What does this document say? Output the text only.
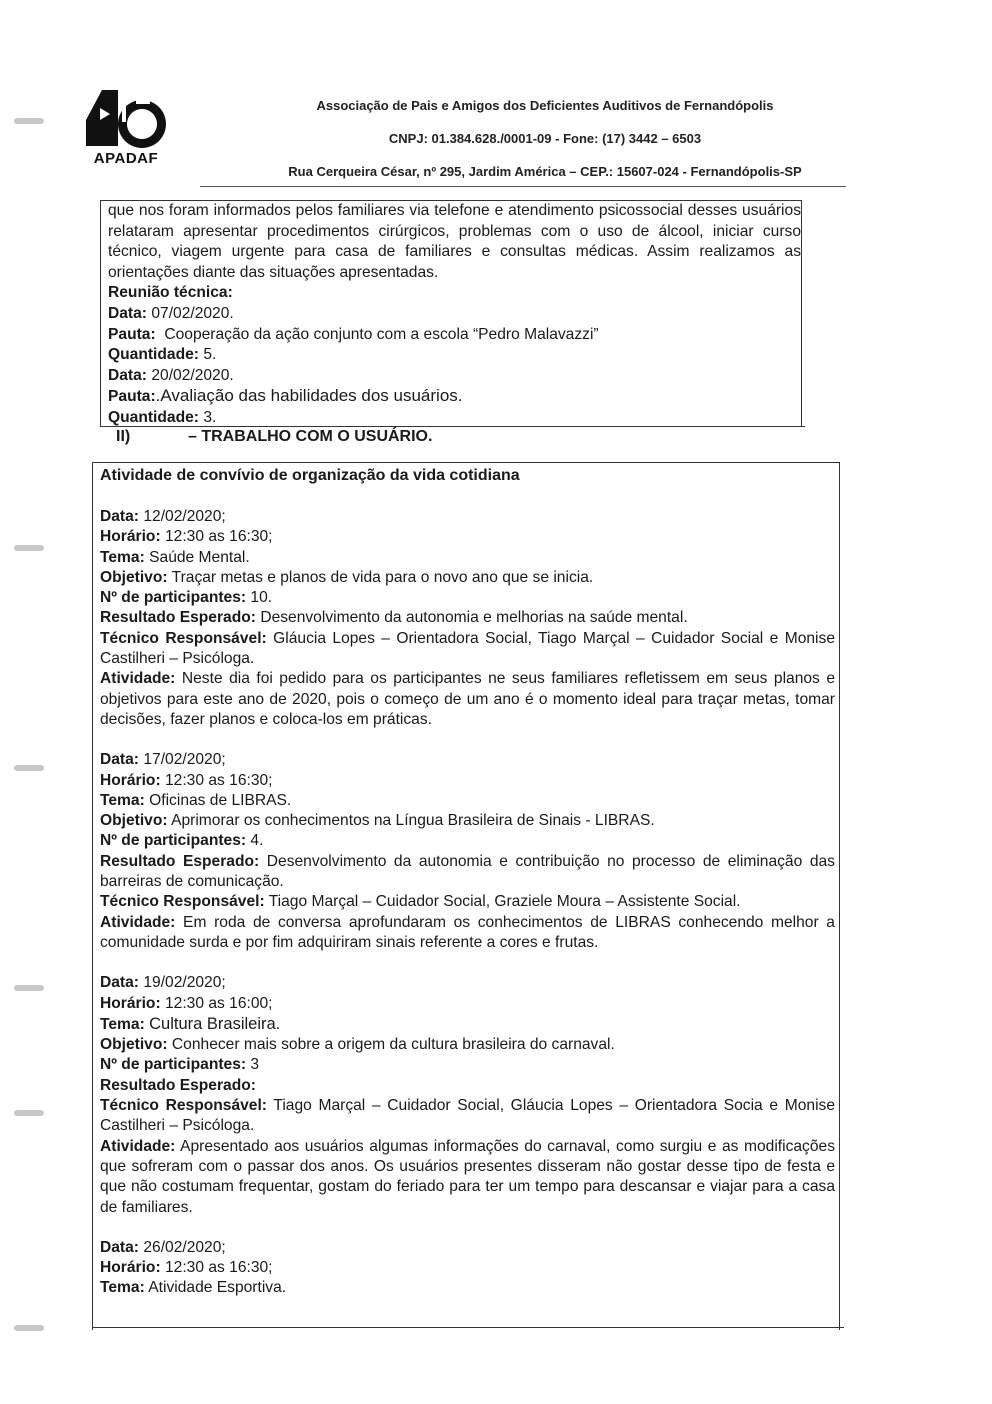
APADAF
Associação de Pais e Amigos dos Deficientes Auditivos de Fernandópolis
CNPJ: 01.384.628./0001-09 - Fone: (17) 3442 – 6503
Rua Cerqueira César, nº 295, Jardim América – CEP.: 15607-024 - Fernandópolis-SP

que nos foram informados pelos familiares via telefone e atendimento psicossocial desses usuários relataram apresentar procedimentos cirúrgicos, problemas com o uso de álcool, iniciar curso técnico, viagem urgente para casa de familiares e consultas médicas. Assim realizamos as orientações diante das situações apresentadas.

Reunião técnica:
Data: 07/02/2020.
Pauta: Cooperação da ação conjunto com a escola “Pedro Malavazzi”
Quantidade: 5.
Data: 20/02/2020.
Pauta:.Avaliação das habilidades dos usuários.
Quantidade: 3.
II)	– TRABALHO COM O USUÁRIO.
Atividade de convívio de organização da vida cotidiana
Data: 12/02/2020;
Horário: 12:30 as 16:30;
Tema: Saúde Mental.
Objetivo: Traçar metas e planos de vida para o novo ano que se inicia.
Nº de participantes: 10.
Resultado Esperado: Desenvolvimento da autonomia e melhorias na saúde mental.
Técnico Responsável: Gláucia Lopes – Orientadora Social, Tiago Marçal – Cuidador Social e Monise Castilheri – Psicóloga.
Atividade: Neste dia foi pedido para os participantes ne seus familiares refletissem em seus planos e objetivos para este ano de 2020, pois o começo de um ano é o momento ideal para traçar metas, tomar decisões, fazer planos e coloca-los em práticas.
Data: 17/02/2020;
Horário: 12:30 as 16:30;
Tema: Oficinas de LIBRAS.
Objetivo: Aprimorar os conhecimentos na Língua Brasileira de Sinais - LIBRAS.
Nº de participantes: 4.
Resultado Esperado: Desenvolvimento da autonomia e contribuição no processo de eliminação das barreiras de comunicação.
Técnico Responsável: Tiago Marçal – Cuidador Social, Graziele Moura – Assistente Social.
Atividade: Em roda de conversa aprofundaram os conhecimentos de LIBRAS conhecendo melhor a comunidade surda e por fim adquiriram sinais referente a cores e frutas.
Data: 19/02/2020;
Horário: 12:30 as 16:00;
Tema: Cultura Brasileira.
Objetivo: Conhecer mais sobre a origem da cultura brasileira do carnaval.
Nº de participantes: 3
Resultado Esperado:
Técnico Responsável: Tiago Marçal – Cuidador Social, Gláucia Lopes – Orientadora Socia e Monise Castilheri – Psicóloga.
Atividade: Apresentado aos usuários algumas informações do carnaval, como surgiu e as modificações que sofreram com o passar dos anos. Os usuários presentes disseram não gostar desse tipo de festa e que não costumam frequentar, gostam do feriado para ter um tempo para descansar e viajar para a casa de familiares.
Data: 26/02/2020;
Horário: 12:30 as 16:30;
Tema: Atividade Esportiva.
